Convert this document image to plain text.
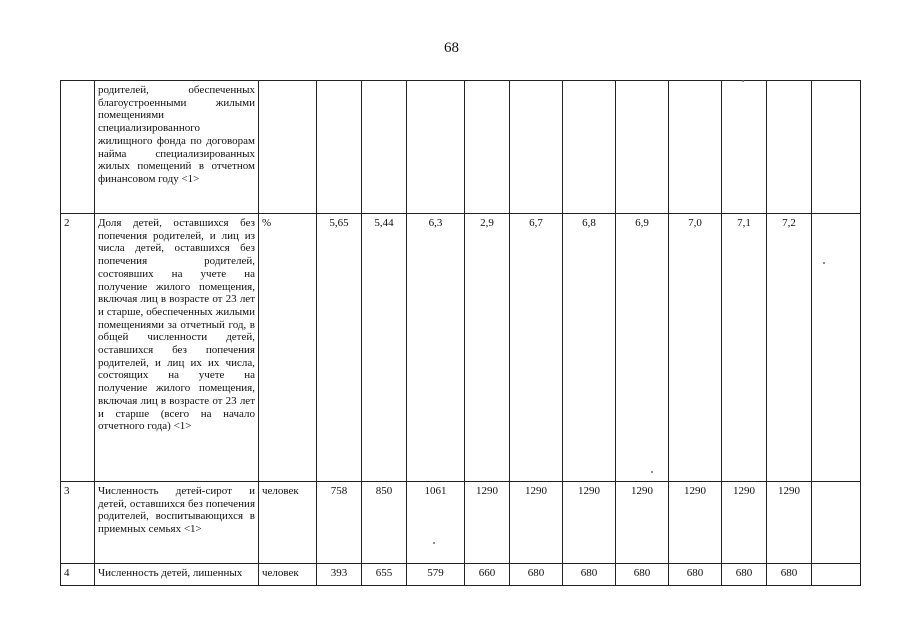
68
	родителей, обеспеченных благоустроенными жилыми помещениями специализированного жилищного фонда по договорам найма специализированных жилых помещений в отчетном финансовом году <1>												
2	Доля детей, оставшихся без попечения родителей, и лиц из числа детей, оставшихся без попечения родителей, состоявших на учете на получение жилого помещения, включая лиц в возрасте от 23 лет и старше, обеспеченных жилыми помещениями за отчетный год, в общей численности детей, оставшихся без попечения родителей, и лиц их их числа, состоящих на учете на получение жилого помещения, включая лиц в возрасте от 23 лет и старше (всего на начало отчетного года) <1>	%	5,65	5,44	6,3	2,9	6,7	6,8	6,9	7,0	7,1	7,2	
3	Численность детей-сирот и детей, оставшихся без попечения родителей, воспитывающихся в приемных семьях <1>	человек	758	850	1061	1290	1290	1290	1290	1290	1290	1290	
4	Численность детей, лишенных	человек	393	655	579	660	680	680	680	680	680	680	
